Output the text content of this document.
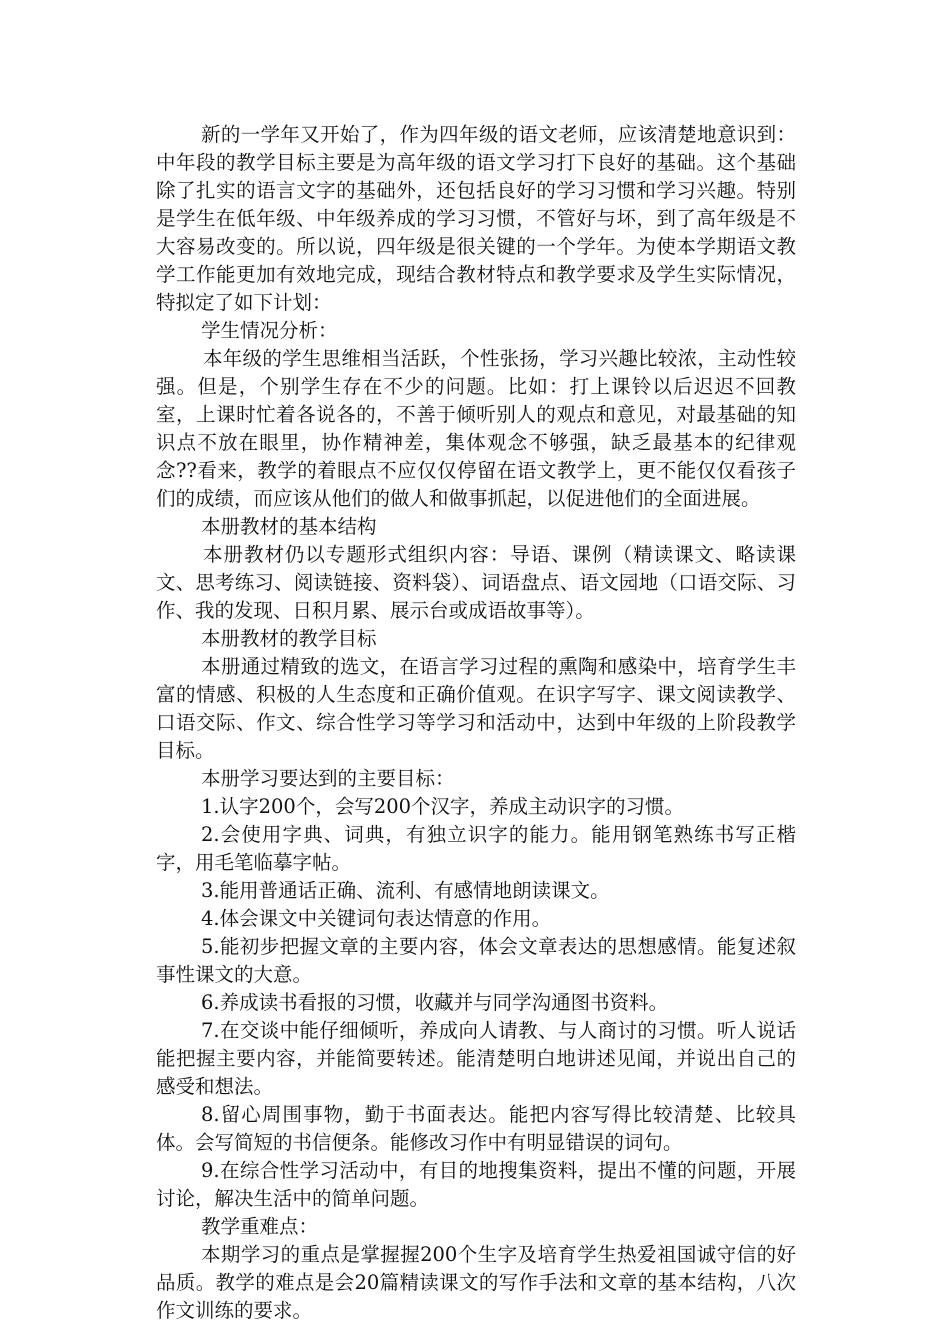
新的一学年又开始了，作为四年级的语文老师，应该清楚地意识到：中年段的教学目标主要是为高年级的语文学习打下良好的基础。这个基础除了扎实的语言文字的基础外，还包括良好的学习习惯和学习兴趣。特别是学生在低年级、中年级养成的学习习惯，不管好与坏，到了高年级是不大容易改变的。所以说，四年级是很关键的一个学年。为使本学期语文教学工作能更加有效地完成，现结合教材特点和教学要求及学生实际情况，特拟定了如下计划：

学生情况分析：

本年级的学生思维相当活跃，个性张扬，学习兴趣比较浓，主动性较强。但是，个别学生存在不少的问题。比如：打上课铃以后迟迟不回教室，上课时忙着各说各的，不善于倾听别人的观点和意见，对最基础的知识点不放在眼里，协作精神差，集体观念不够强，缺乏最基本的纪律观念??看来，教学的着眼点不应仅仅停留在语文教学上，更不能仅仅看孩子们的成绩，而应该从他们的做人和做事抓起，以促进他们的全面进展。

本册教材的基本结构

本册教材仍以专题形式组织内容：导语、课例（精读课文、略读课文、思考练习、阅读链接、资料袋）、词语盘点、语文园地（口语交际、习作、我的发现、日积月累、展示台或成语故事等）。

本册教材的教学目标

本册通过精致的选文，在语言学习过程的熏陶和感染中，培育学生丰富的情感、积极的人生态度和正确价值观。在识字写字、课文阅读教学、口语交际、作文、综合性学习等学习和活动中，达到中年级的上阶段教学目标。

本册学习要达到的主要目标：

1.认字200个，会写200个汉字，养成主动识字的习惯。

2.会使用字典、词典，有独立识字的能力。能用钢笔熟练书写正楷字，用毛笔临摹字帖。

3.能用普通话正确、流利、有感情地朗读课文。

4.体会课文中关键词句表达情意的作用。

5.能初步把握文章的主要内容，体会文章表达的思想感情。能复述叙事性课文的大意。

6.养成读书看报的习惯，收藏并与同学沟通图书资料。

7.在交谈中能仔细倾听，养成向人请教、与人商讨的习惯。听人说话能把握主要内容，并能简要转述。能清楚明白地讲述见闻，并说出自己的感受和想法。

8.留心周围事物，勤于书面表达。能把内容写得比较清楚、比较具体。会写简短的书信便条。能修改习作中有明显错误的词句。

9.在综合性学习活动中，有目的地搜集资料，提出不懂的问题，开展讨论，解决生活中的简单问题。

教学重难点：

本期学习的重点是掌握握200个生字及培育学生热爱祖国诚守信的好品质。教学的难点是会20篇精读课文的写作手法和文章的基本结构，八次作文训练的要求。
